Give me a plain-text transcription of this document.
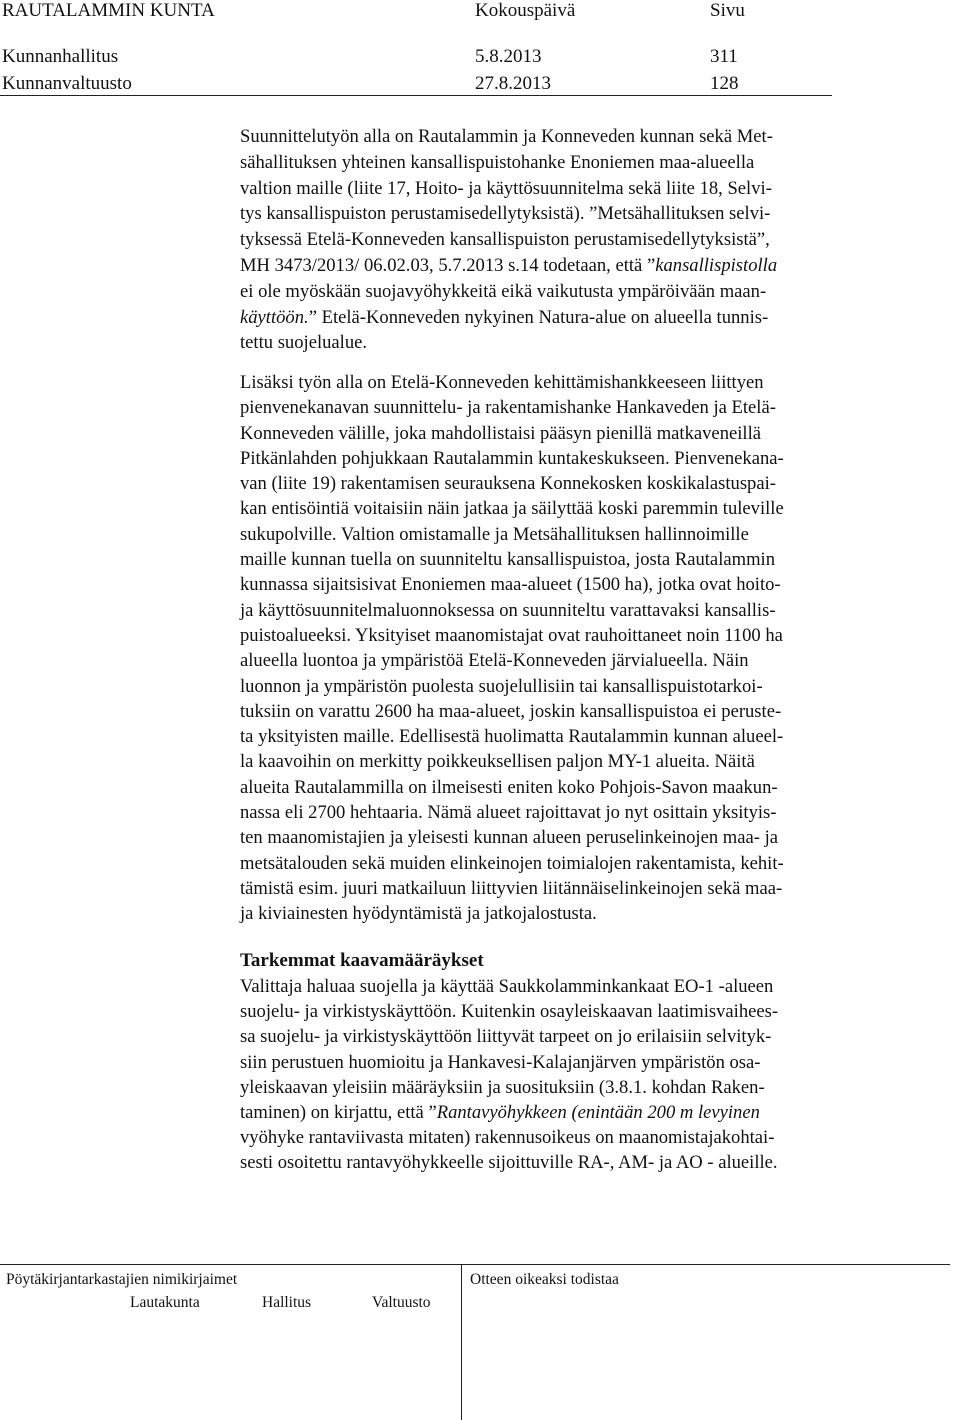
RAUTALAMMIN KUNTA	Kokouspäivä	Sivu
Kunnanhallitus	5.8.2013	311
Kunnanvaltuusto	27.8.2013	128
Suunnittelutyön alla on Rautalammin ja Konneveden kunnan sekä Met-
sähallituksen yhteinen kansallispuistohanke Enoniemen maa-alueella
valtion maille (liite 17, Hoito- ja käyttösuunnitelma sekä liite 18, Selvi-
tys kansallispuiston perustamisedellytyksistä). ”Metsähallituksen selvi-
tyksessä Etelä-Konneveden kansallispuiston perustamisedellytyksistä”,
MH 3473/2013/ 06.02.03, 5.7.2013 s.14 todetaan, että ”kansallispistolla
ei ole myöskään suojavyöhykkeitä eikä vaikutusta ympäröivään maan-
käyttöön.” Etelä-Konneveden nykyinen Natura-alue on alueella tunnis-
tettu suojelualue.
Lisäksi työn alla on Etelä-Konneveden kehittämishankkeeseen liittyen
pienvenekanavan suunnittelu- ja rakentamishanke Hankaveden ja Etelä-
Konneveden välille, joka mahdollistaisi pääsyn pienillä matkaveneillä
Pitkänlahden pohjukkaan Rautalammin kuntakeskukseen. Pienvenekana-
van (liite 19) rakentamisen seurauksena Konnekosken koskikalastuspai-
kan entisöintiä voitaisiin näin jatkaa ja säilyttää koski paremmin tuleville
sukupolville. Valtion omistamalle ja Metsähallituksen hallinnoimille
maille kunnan tuella on suunniteltu kansallispuistoa, josta Rautalammin
kunnassa sijaitsisivat Enoniemen maa-alueet (1500 ha), jotka ovat hoito-
ja käyttösuunnitelmaluonnoksessa on suunniteltu varattavaksi kansallis-
puistoalueeksi. Yksityiset maanomistajat ovat rauhoittaneet noin 1100 ha
alueella luontoa ja ympäristöä Etelä-Konneveden järvialueella. Näin
luonnon ja ympäristön puolesta suojelullisiin tai kansallispuistotarkoi-
tuksiin on varattu 2600 ha maa-alueet, joskin kansallispuistoa ei peruste-
ta yksityisten maille. Edellisestä huolimatta Rautalammin kunnan alueel-
la kaavoihin on merkitty poikkeuksellisen paljon MY-1 alueita. Näitä
alueita Rautalammilla on ilmeisesti eniten koko Pohjois-Savon maakun-
nassa eli 2700 hehtaaria. Nämä alueet rajoittavat jo nyt osittain yksityis-
ten maanomistajien ja yleisesti kunnan alueen peruselinkeinojen maa- ja
metsätalouden sekä muiden elinkeinojen toimialojen rakentamista, kehit-
tämistä esim. juuri matkailuun liittyvien liitännäiselinkeinojen sekä maa-
ja kiviainesten hyödyntämistä ja jatkojalostusta.
Tarkemmat kaavamääräykset
Valittaja haluaa suojella ja käyttää Saukkolamminkankaat EO-1 -alueen
suojelu- ja virkistyskäyttöön. Kuitenkin osayleiskaavan laatimisvaihees-
sa suojelu- ja virkistyskäyttöön liittyvät tarpeet on jo erilaisiin selvityk-
siin perustuen huomioitu ja Hankavesi-Kalajanjärven ympäristön osa-
yleiskaavan yleisiin määräyksiin ja suosituksiin (3.8.1. kohdan Raken-
taminen) on kirjattu, että ”Rantavyöhykkeen (enintään 200 m levyinen
vyöhyke rantaviivasta mitaten) rakennusoikeus on maanomistajakohtai-
sesti osoitettu rantavyöhykkeelle sijoittuville RA-, AM- ja AO - alueille.
Pöytäkirjantarkastajien nimikirjaimet	Otteen oikeaksi todistaa
Lautakunta	Hallitus	Valtuusto
